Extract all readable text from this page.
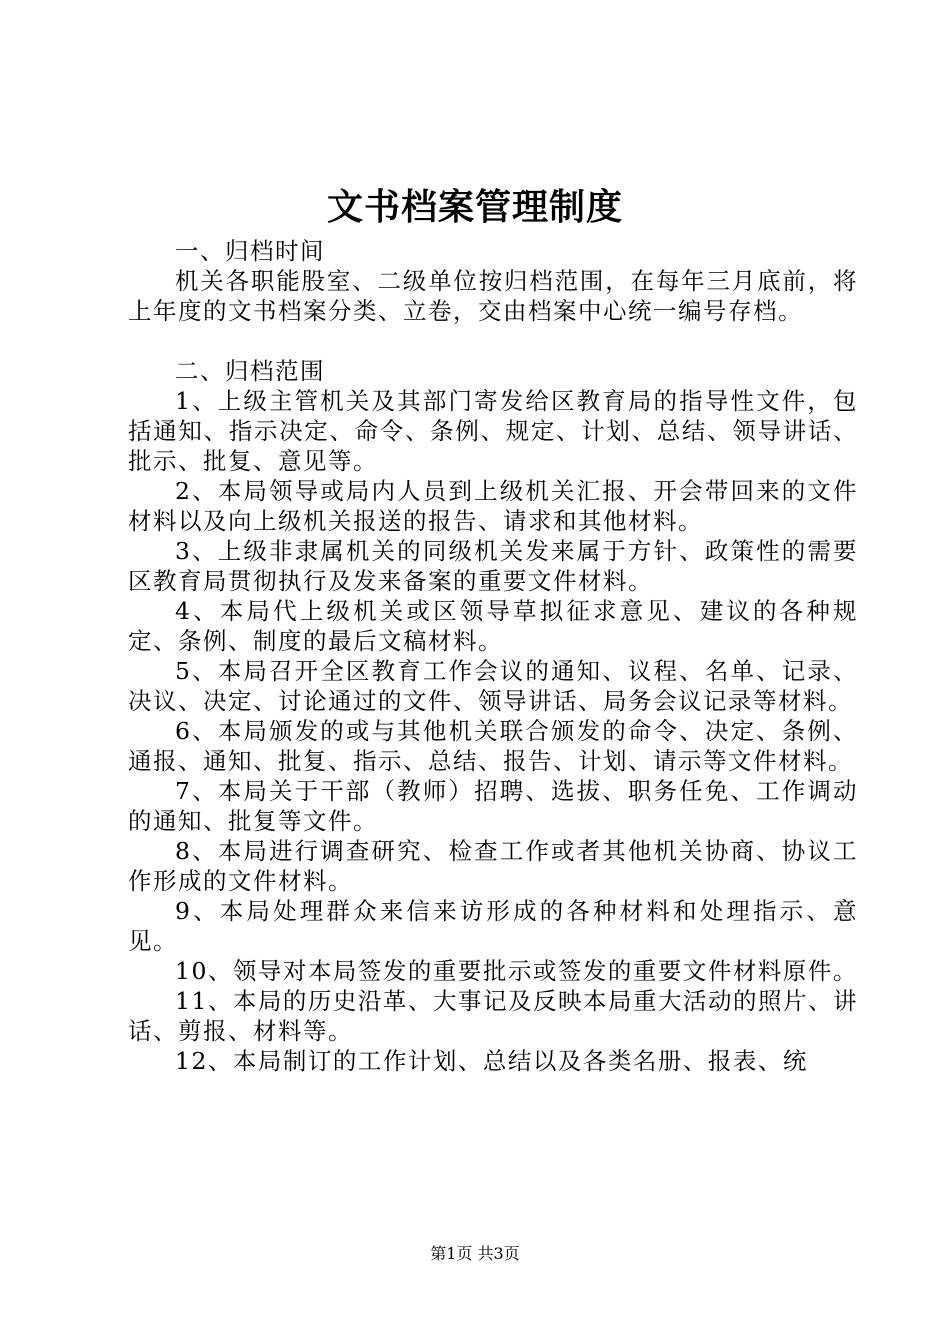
文书档案管理制度

一、归档时间

机关各职能股室、二级单位按归档范围，在每年三月底前，将上年度的文书档案分类、立卷，交由档案中心统一编号存档。

二、归档范围

1、上级主管机关及其部门寄发给区教育局的指导性文件，包括通知、指示决定、命令、条例、规定、计划、总结、领导讲话、批示、批复、意见等。

2、本局领导或局内人员到上级机关汇报、开会带回来的文件材料以及向上级机关报送的报告、请求和其他材料。

3、上级非隶属机关的同级机关发来属于方针、政策性的需要区教育局贯彻执行及发来备案的重要文件材料。

4、本局代上级机关或区领导草拟征求意见、建议的各种规定、条例、制度的最后文稿材料。

5、本局召开全区教育工作会议的通知、议程、名单、记录、决议、决定、讨论通过的文件、领导讲话、局务会议记录等材料。

6、本局颁发的或与其他机关联合颁发的命令、决定、条例、通报、通知、批复、指示、总结、报告、计划、请示等文件材料。

7、本局关于干部（教师）招聘、选拔、职务任免、工作调动的通知、批复等文件。

8、本局进行调查研究、检查工作或者其他机关协商、协议工作形成的文件材料。

9、本局处理群众来信来访形成的各种材料和处理指示、意见。

10、领导对本局签发的重要批示或签发的重要文件材料原件。

11、本局的历史沿革、大事记及反映本局重大活动的照片、讲话、剪报、材料等。

12、本局制订的工作计划、总结以及各类名册、报表、统

第1页 共3页
